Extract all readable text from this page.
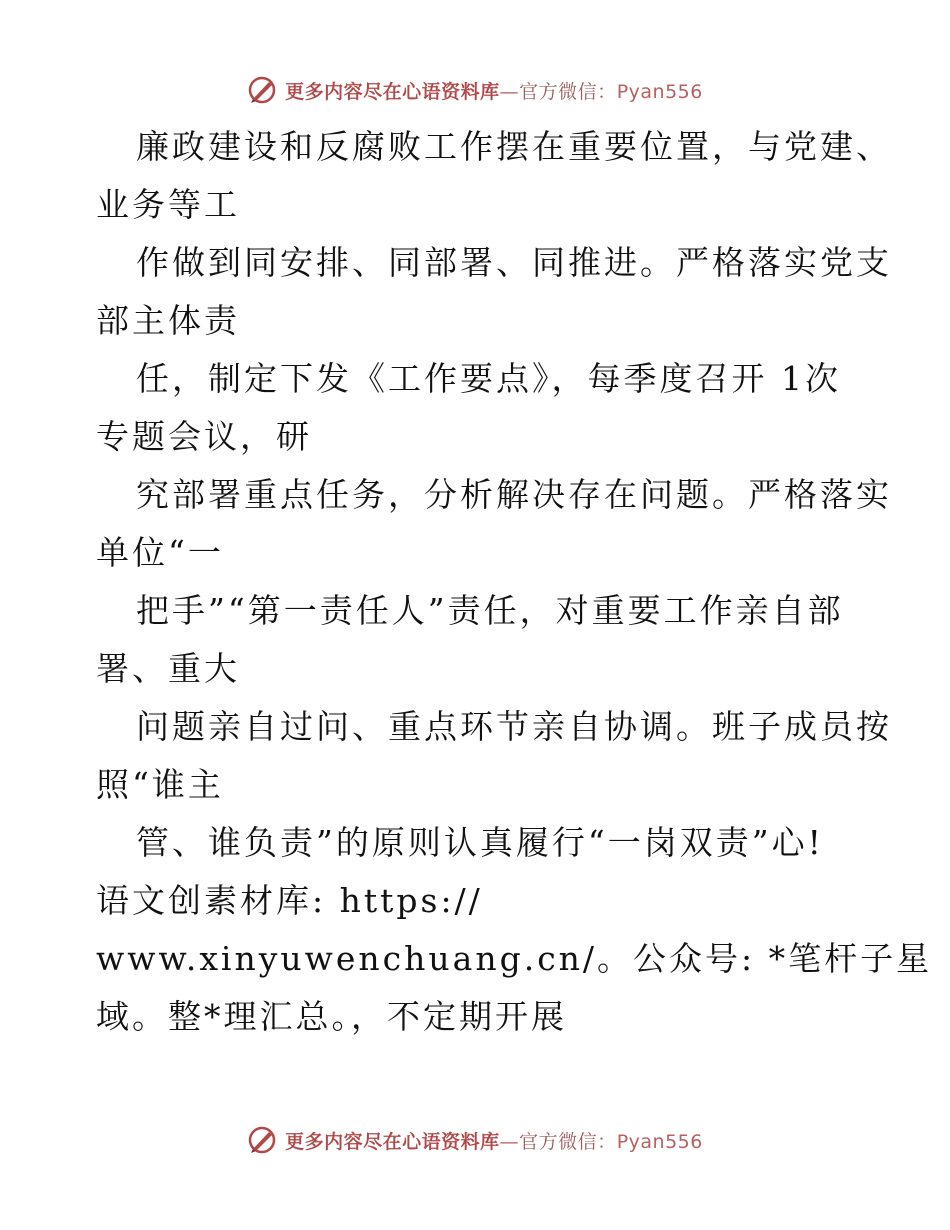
更多内容尽在心语资料库—官方微信：Pyan556

廉政建设和反腐败工作摆在重要位置，与党建、

业务等工

作做到同安排、同部署、同推进。严格落实党支

部主体责

任，制定下发《工作要点》，每季度召开 1次

专题会议，研

究部署重点任务，分析解决存在问题。严格落实

单位“一

把手”“第一责任人”责任，对重要工作亲自部

署、重大

问题亲自过问、重点环节亲自协调。班子成员按

照“谁主

管、谁负责”的原则认真履行“一岗双责”心!

语文创素材库: https://

www.xinyuwenchuang.cn/。公众号: *笔杆子星

域。整*理汇总。，不定期开展

更多内容尽在心语资料库—官方微信：Pyan556
